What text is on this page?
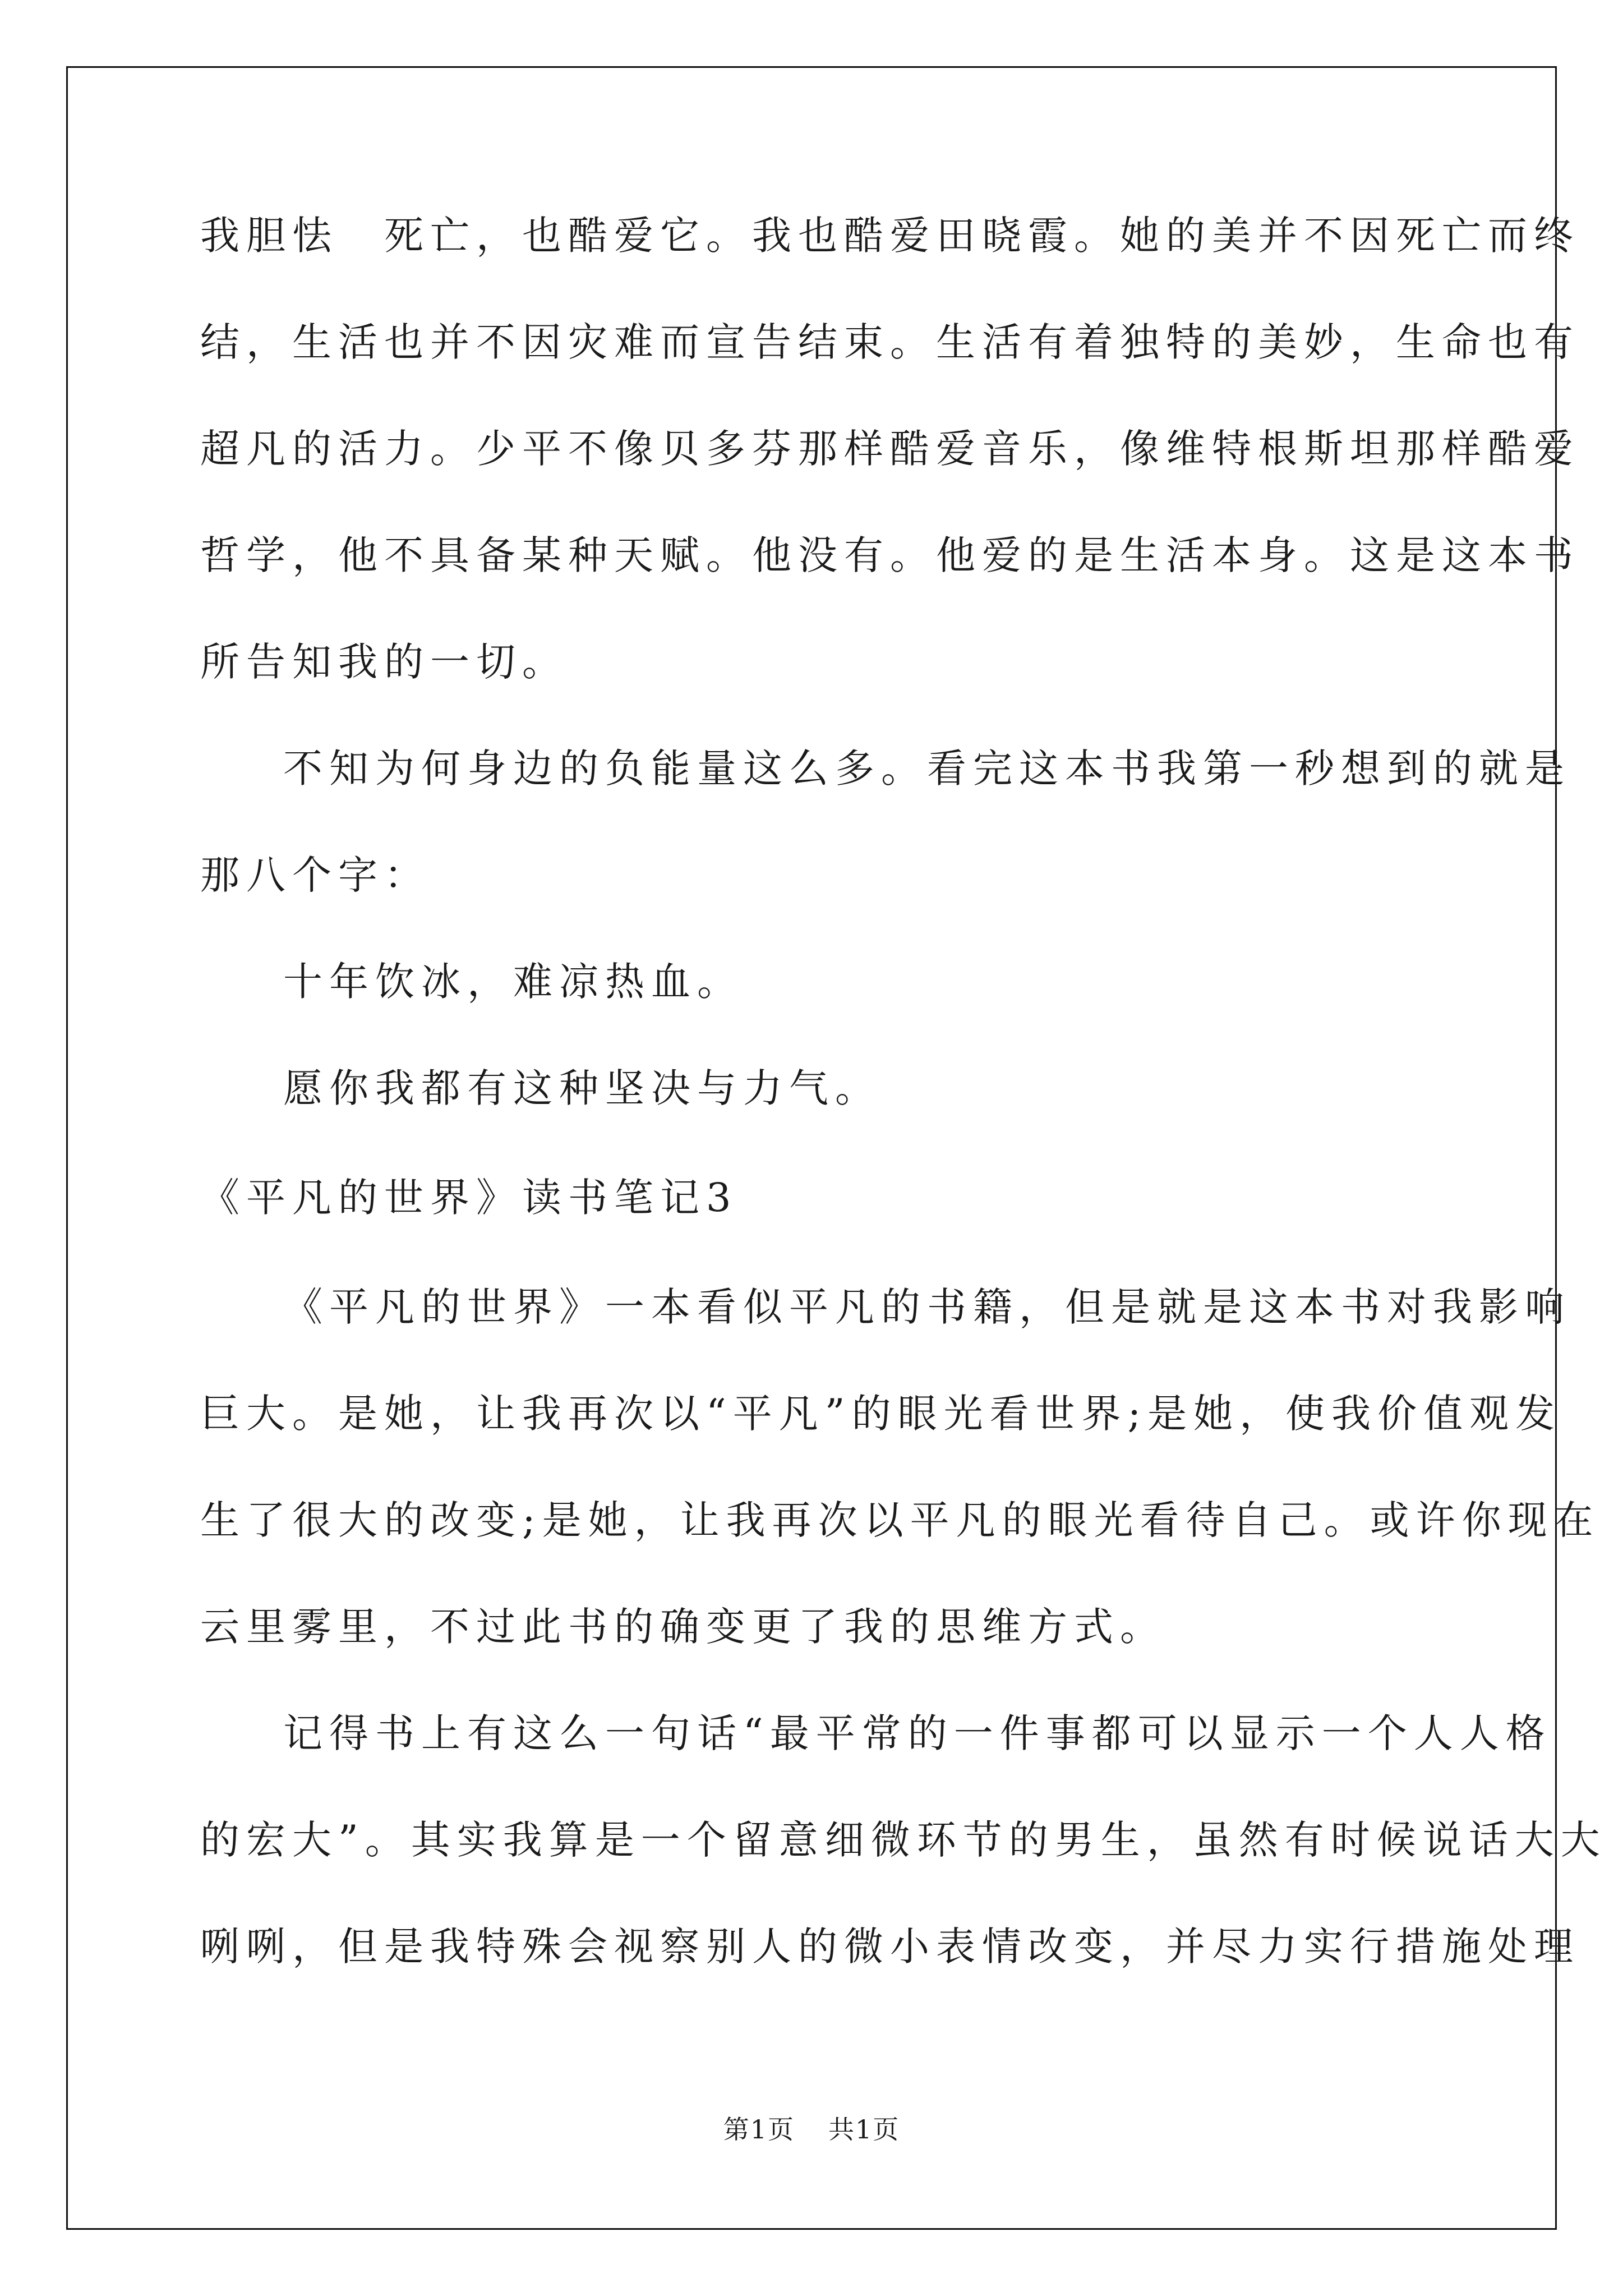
我胆怯　死亡，也酷爱它。我也酷爱田晓霞。她的美并不因死亡而终
结，生活也并不因灾难而宣告结束。生活有着独特的美妙，生命也有
超凡的活力。少平不像贝多芬那样酷爱音乐，像维特根斯坦那样酷爱
哲学，他不具备某种天赋。他没有。他爱的是生活本身。这是这本书
所告知我的一切。
不知为何身边的负能量这么多。看完这本书我第一秒想到的就是
那八个字：
十年饮冰，难凉热血。
愿你我都有这种坚决与力气。
《平凡的世界》读书笔记3
《平凡的世界》一本看似平凡的书籍，但是就是这本书对我影响
巨大。是她，让我再次以“平凡”的眼光看世界;是她，使我价值观发
生了很大的改变;是她，让我再次以平凡的眼光看待自己。或许你现在
云里雾里，不过此书的确变更了我的思维方式。
记得书上有这么一句话“最平常的一件事都可以显示一个人人格
的宏大”。其实我算是一个留意细微环节的男生，虽然有时候说话大大
咧咧，但是我特殊会视察别人的微小表情改变，并尽力实行措施处理
第1页 共1页
